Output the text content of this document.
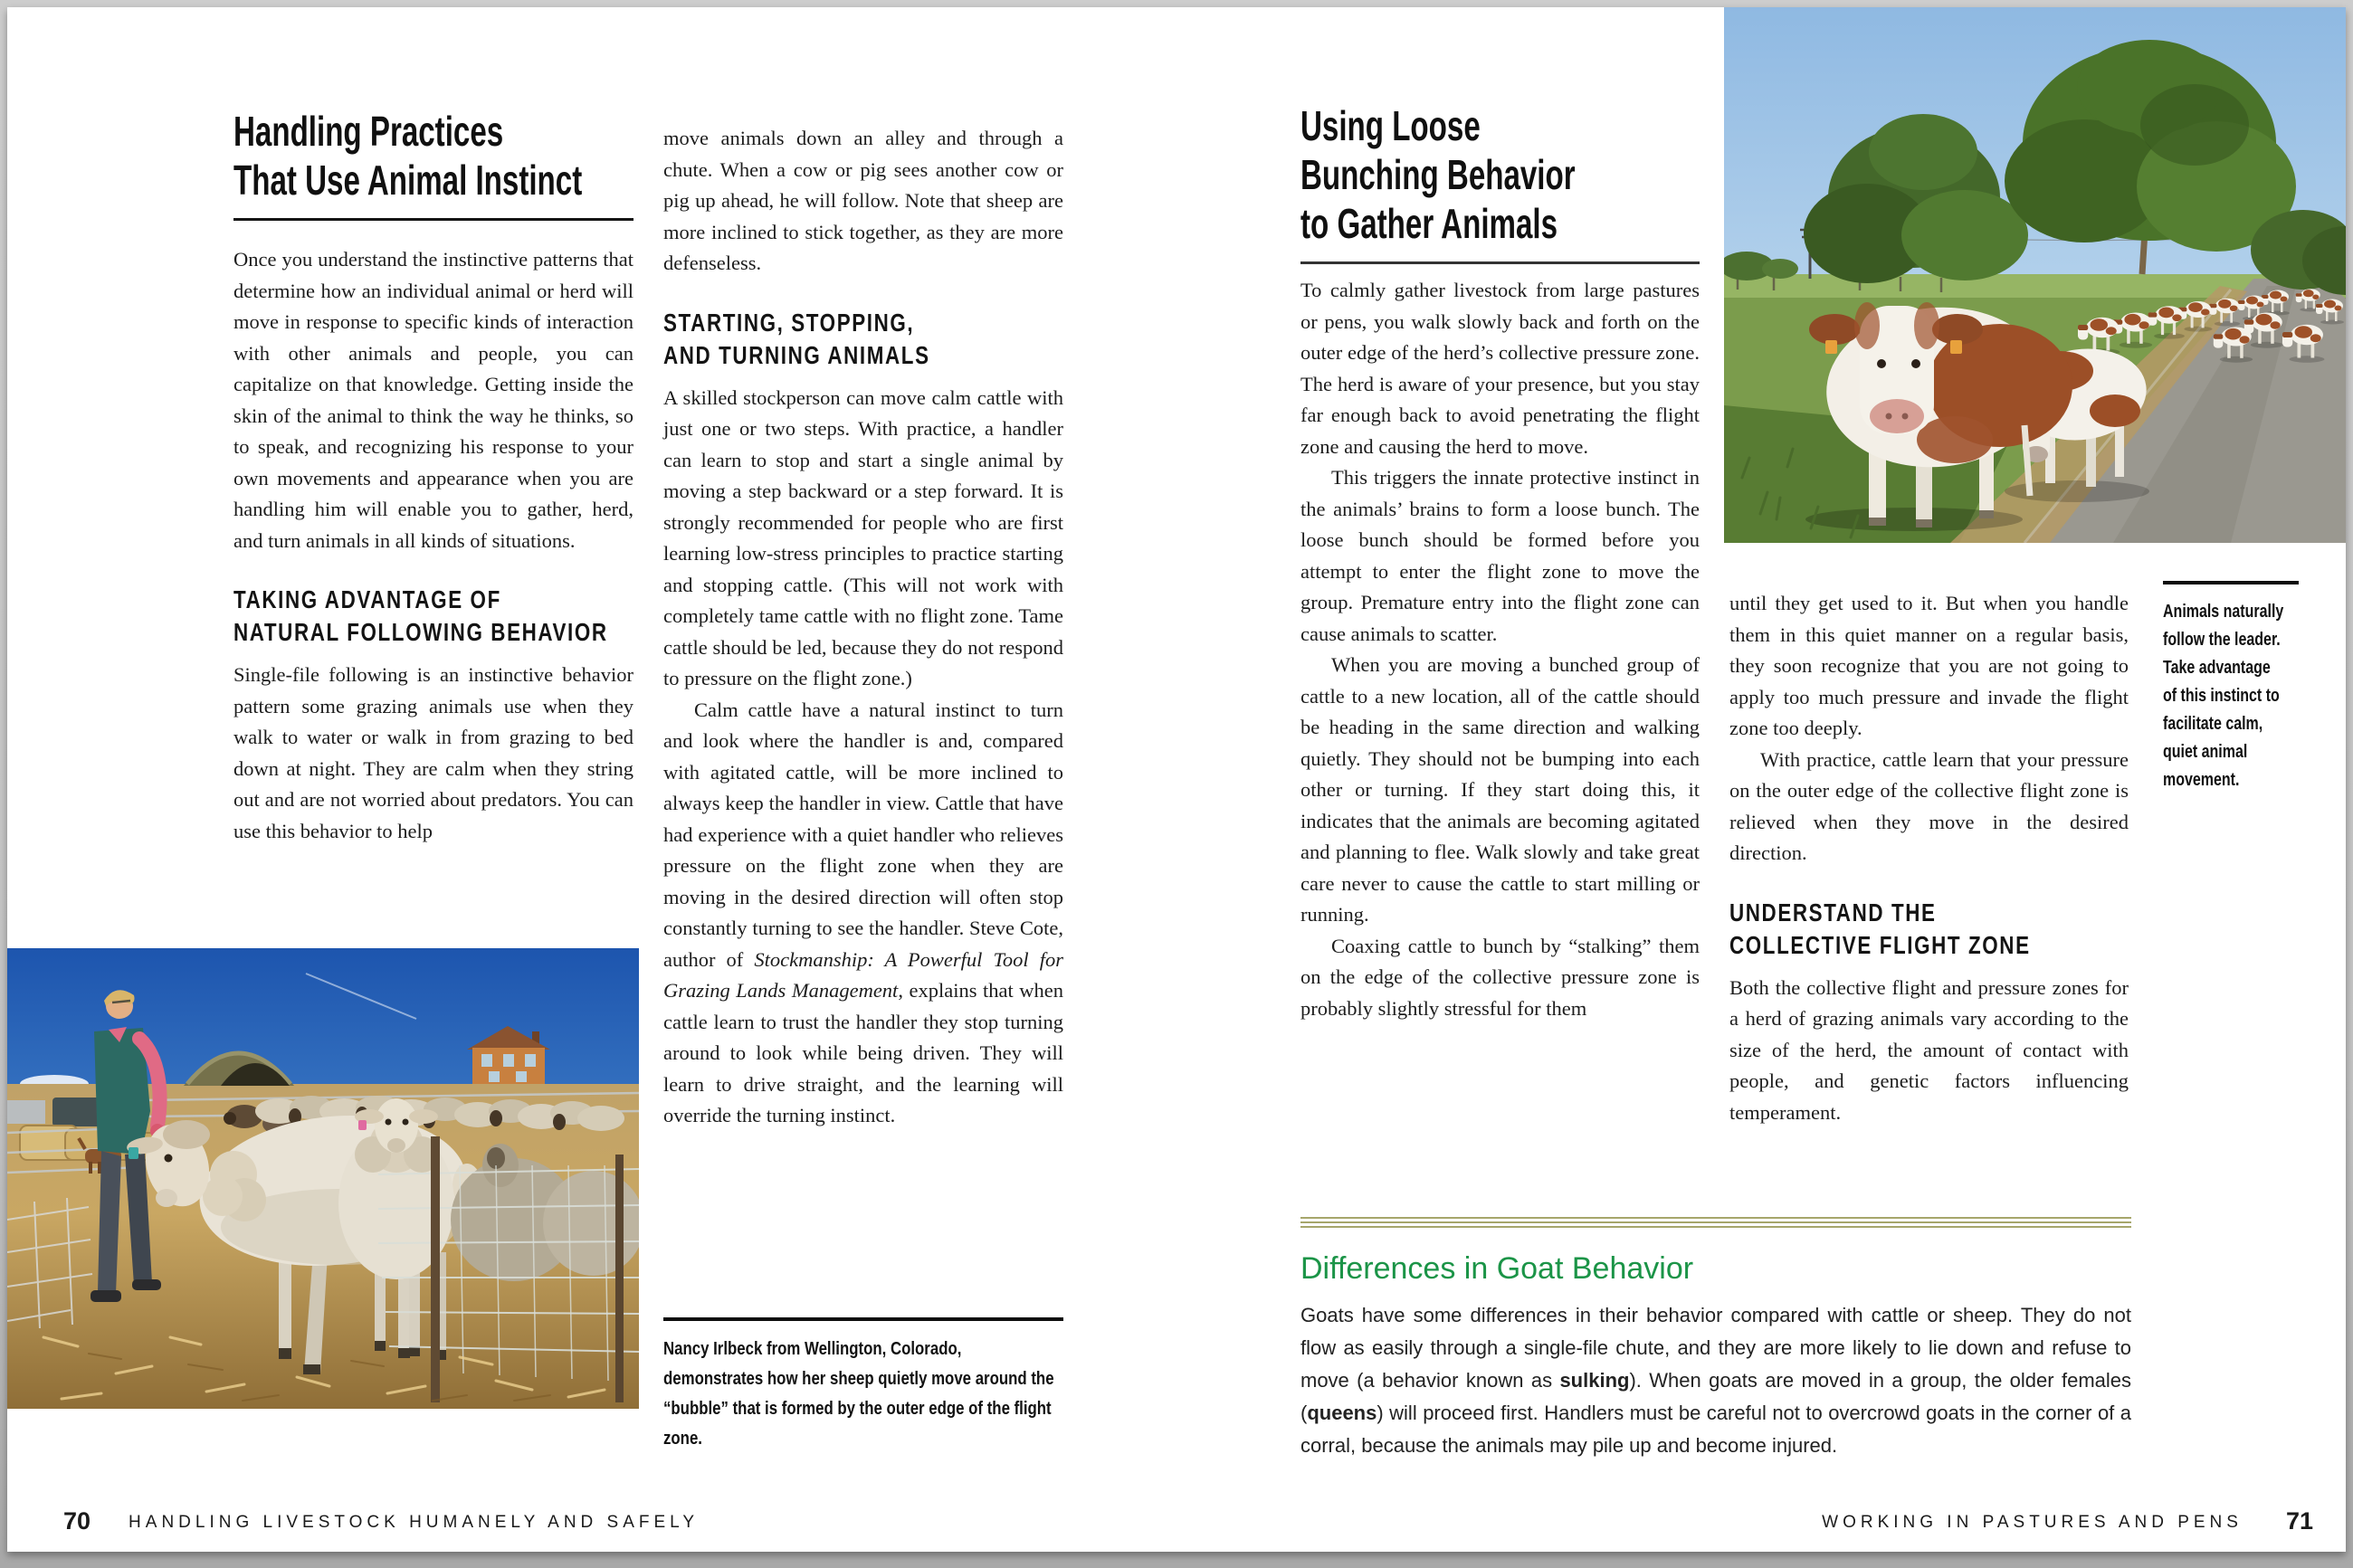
Handling Practices
That Use Animal Instinct

Once you understand the instinctive patterns that determine how an individual animal or herd will move in response to specific kinds of interaction with other animals and people, you can capitalize on that knowledge. Getting inside the skin of the animal to think the way he thinks, so to speak, and recognizing his response to your own movements and appearance when you are handling him will enable you to gather, herd, and turn animals in all kinds of situations.

TAKING ADVANTAGE OF
NATURAL FOLLOWING BEHAVIOR

Single-file following is an instinctive behavior pattern some grazing animals use when they walk to water or walk in from grazing to bed down at night. They are calm when they string out and are not worried about predators. You can use this behavior to help

move animals down an alley and through a chute. When a cow or pig sees another cow or pig up ahead, he will follow. Note that sheep are more inclined to stick together, as they are more defenseless.

STARTING, STOPPING,
AND TURNING ANIMALS

A skilled stockperson can move calm cattle with just one or two steps. With practice, a handler can learn to stop and start a single animal by moving a step backward or a step forward. It is strongly recommended for people who are first learning low-stress principles to practice starting and stopping cattle. (This will not work with completely tame cattle with no flight zone. Tame cattle should be led, because they do not respond to pressure on the flight zone.)

Calm cattle have a natural instinct to turn and look where the handler is and, compared with agitated cattle, will be more inclined to always keep the handler in view. Cattle that have had experience with a quiet handler who relieves pressure on the flight zone when they are moving in the desired direction will often stop constantly turning to see the handler. Steve Cote, author of Stockmanship: A Powerful Tool for Grazing Lands Management, explains that when cattle learn to trust the handler they stop turning around to look while being driven. They will learn to drive straight, and the learning will override the turning instinct.

Nancy Irlbeck from Wellington, Colorado, demonstrates how her sheep quietly move around the “bubble” that is formed by the outer edge of the flight zone.
70 HANDLING LIVESTOCK HUMANELY AND SAFELY
Using Loose
Bunching Behavior
to Gather Animals

To calmly gather livestock from large pastures or pens, you walk slowly back and forth on the outer edge of the herd’s collective pressure zone. The herd is aware of your presence, but you stay far enough back to avoid penetrating the flight zone and causing the herd to move.

This triggers the innate protective instinct in the animals’ brains to form a loose bunch. The loose bunch should be formed before you attempt to enter the flight zone to move the group. Premature entry into the flight zone can cause animals to scatter.

When you are moving a bunched group of cattle to a new location, all of the cattle should be heading in the same direction and walking quietly. They should not be bumping into each other or turning. If they start doing this, it indicates that the animals are becoming agitated and planning to flee. Walk slowly and take great care never to cause the cattle to start milling or running.

Coaxing cattle to bunch by “stalking” them on the edge of the collective pressure zone is probably slightly stressful for them

until they get used to it. But when you handle them in this quiet manner on a regular basis, they soon recognize that you are not going to apply too much pressure and invade the flight zone too deeply.

With practice, cattle learn that your pressure on the outer edge of the collective flight zone is relieved when they move in the desired direction.

UNDERSTAND THE
COLLECTIVE FLIGHT ZONE

Both the collective flight and pressure zones for a herd of grazing animals vary according to the size of the herd, the amount of contact with people, and genetic factors influencing temperament.

Animals naturally
follow the leader.
Take advantage
of this instinct to
facilitate calm,
quiet animal
movement.
Differences in Goat Behavior

Goats have some differences in their behavior compared with cattle or sheep. They do not flow as easily through a single-file chute, and they are more likely to lie down and refuse to move (a behavior known as sulking). When goats are moved in a group, the older females (queens) will proceed first. Handlers must be careful not to overcrowd goats in the corner of a corral, because the animals may pile up and become injured.

WORKING IN PASTURES AND PENS 71
